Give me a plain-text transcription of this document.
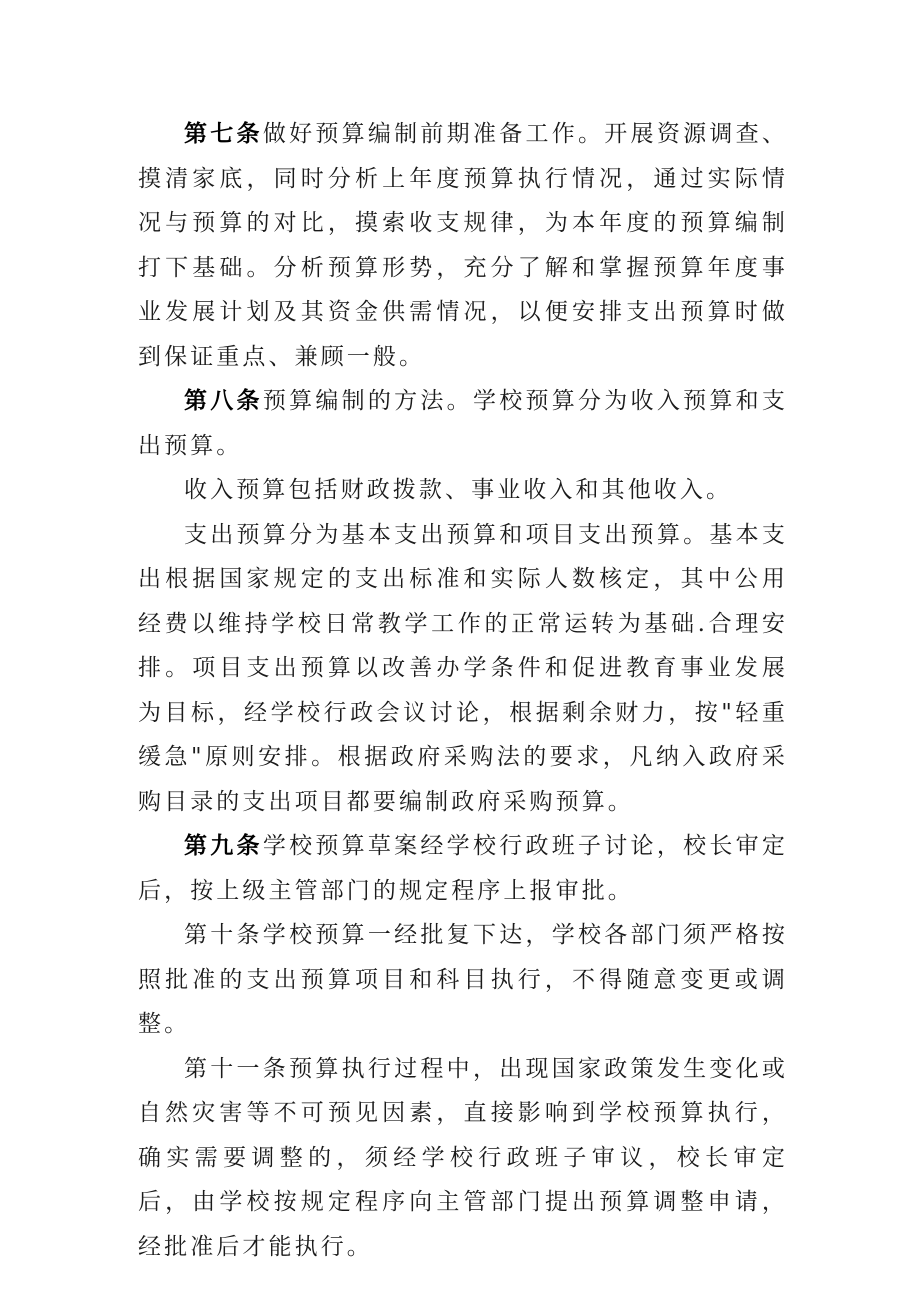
第七条做好预算编制前期准备工作。开展资源调查、摸清家底，同时分析上年度预算执行情况，通过实际情况与预算的对比，摸索收支规律，为本年度的预算编制打下基础。分析预算形势，充分了解和掌握预算年度事业发展计划及其资金供需情况，以便安排支出预算时做到保证重点、兼顾一般。

第八条预算编制的方法。学校预算分为收入预算和支出预算。

收入预算包括财政拨款、事业收入和其他收入。

支出预算分为基本支出预算和项目支出预算。基本支出根据国家规定的支出标准和实际人数核定，其中公用经费以维持学校日常教学工作的正常运转为基础.合理安排。项目支出预算以改善办学条件和促进教育事业发展为目标，经学校行政会议讨论，根据剩余财力，按"轻重缓急"原则安排。根据政府采购法的要求，凡纳入政府采购目录的支出项目都要编制政府采购预算。

第九条学校预算草案经学校行政班子讨论，校长审定后，按上级主管部门的规定程序上报审批。

第十条学校预算一经批复下达，学校各部门须严格按照批准的支出预算项目和科目执行，不得随意变更或调整。

第十一条预算执行过程中，出现国家政策发生变化或自然灾害等不可预见因素，直接影响到学校预算执行，确实需要调整的，须经学校行政班子审议，校长审定后，由学校按规定程序向主管部门提出预算调整申请，经批准后才能执行。
